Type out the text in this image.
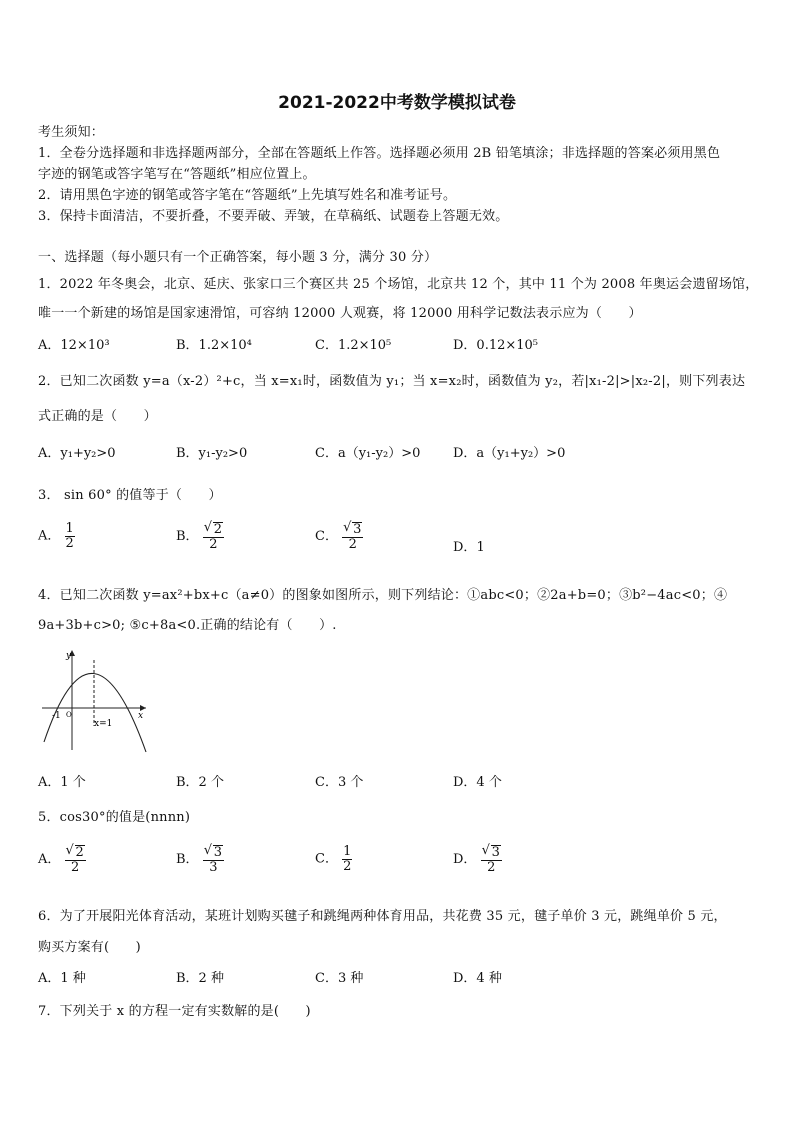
2021-2022中考数学模拟试卷
考生须知：
1．全卷分选择题和非选择题两部分，全部在答题纸上作答。选择题必须用 2B 铅笔填涂；非选择题的答案必须用黑色
字迹的钢笔或答字笔写在“答题纸”相应位置上。
2．请用黑色字迹的钢笔或答字笔在“答题纸”上先填写姓名和准考证号。
3．保持卡面清洁，不要折叠，不要弄破、弄皱，在草稿纸、试题卷上答题无效。
一、选择题（每小题只有一个正确答案，每小题 3 分，满分 30 分）
1．2022 年冬奥会，北京、延庆、张家口三个赛区共 25 个场馆，北京共 12 个，其中 11 个为 2008 年奥运会遗留场馆，
唯一一个新建的场馆是国家速滑馆，可容纳 12000 人观赛，将 12000 用科学记数法表示应为（　　）
A．12×10³	B．1.2×10⁴	C．1.2×10⁵	D．0.12×10⁵
2．已知二次函数 y=a（x-2）²+c，当 x=x₁时，函数值为 y₁；当 x=x₂时，函数值为 y₂，若|x₁-2|>|x₂-2|，则下列表达
式正确的是（　　）
A．y₁+y₂>0	B．y₁-y₂>0	C．a（y₁-y₂）>0	D．a（y₁+y₂）>0
3． sin 60° 的值等于（　　）
A． $\frac{1}{2}$	B． $\frac{√ 2}{2}$	C． $\frac{√ 3}{2}$	D．1
4．已知二次函数 y=ax²+bx+c（a≠0）的图象如图所示，则下列结论：①abc<0；②2a+b=0；③b²−4ac<0；④
9a+3b+c>0; ⑤c+8a<0.正确的结论有（　　）.
y
x
O
-1
x=1
A．1 个	B．2 个	C．3 个	D．4 个
5．cos30°的值是(nnnn)
A． $\frac{√ 2}{2}$	B． $\frac{√ 3}{3}$	C． $\frac{1}{2}$	D． $\frac{√ 3}{2}$
6．为了开展阳光体育活动，某班计划购买毽子和跳绳两种体育用品，共花费 35 元，毽子单价 3 元，跳绳单价 5 元，
购买方案有(　　)
A．1 种	B．2 种	C．3 种	D．4 种
7．下列关于 x 的方程一定有实数解的是(　　)
